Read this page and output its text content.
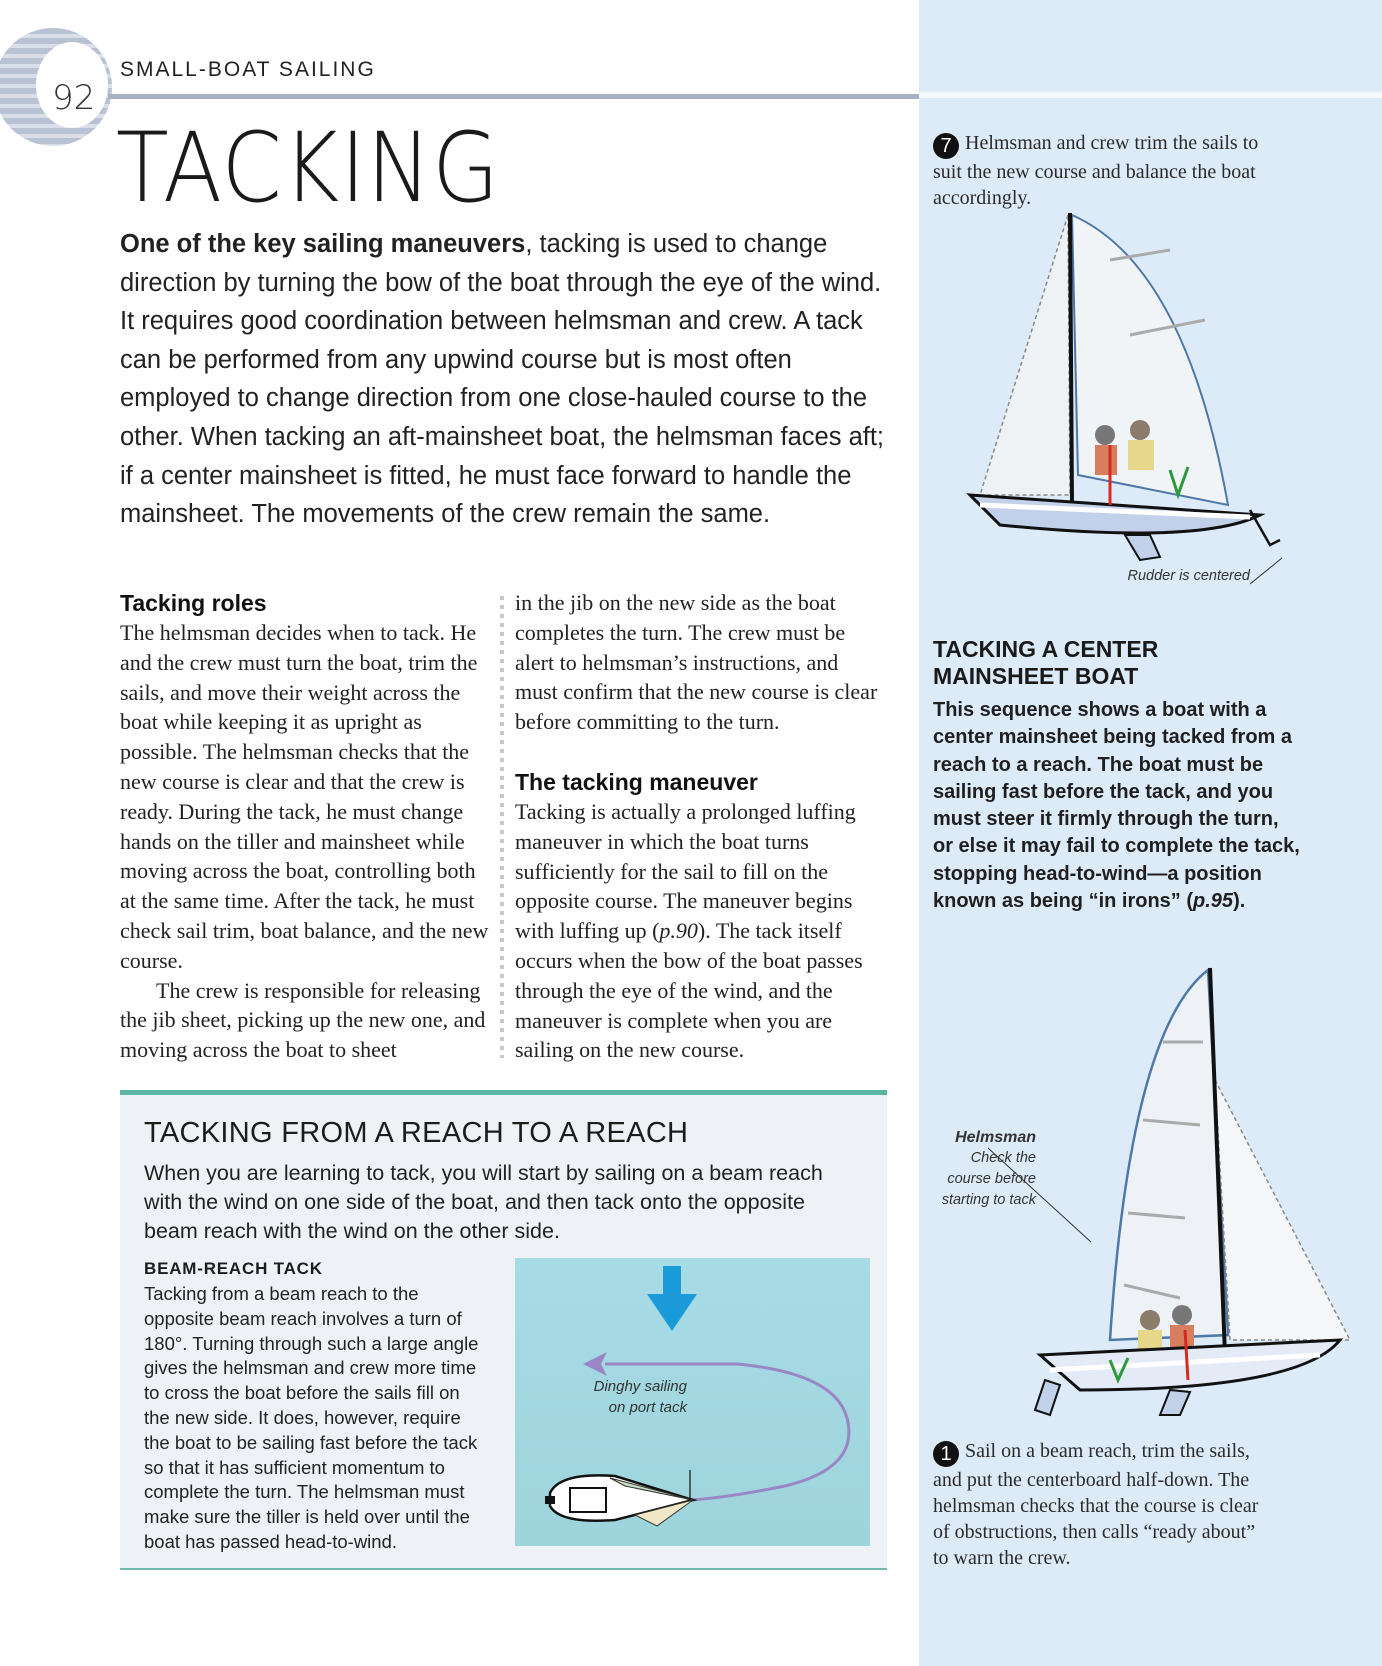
92
SMALL-BOAT SAILING
TACKING

One of the key sailing maneuvers, tacking is used to change direction by turning the bow of the boat through the eye of the wind. It requires good coordination between helmsman and crew. A tack can be performed from any upwind course but is most often employed to change direction from one close-hauled course to the other. When tacking an aft-mainsheet boat, the helmsman faces aft; if a center mainsheet is fitted, he must face forward to handle the mainsheet. The movements of the crew remain the same.

Tacking roles

The helmsman decides when to tack. He and the crew must turn the boat, trim the sails, and move their weight across the boat while keeping it as upright as possible. The helmsman checks that the new course is clear and that the crew is ready. During the tack, he must change hands on the tiller and mainsheet while moving across the boat, controlling both at the same time. After the tack, he must check sail trim, boat balance, and the new course.

The crew is responsible for releasing the jib sheet, picking up the new one, and moving across the boat to sheet

in the jib on the new side as the boat completes the turn. The crew must be alert to helmsman’s instructions, and must confirm that the new course is clear before committing to the turn.

The tacking maneuver

Tacking is actually a prolonged luffing maneuver in which the boat turns sufficiently for the sail to fill on the opposite course. The maneuver begins with luffing up (p.90). The tack itself occurs when the bow of the boat passes through the eye of the wind, and the maneuver is complete when you are sailing on the new course.

TACKING FROM A REACH TO A REACH

When you are learning to tack, you will start by sailing on a beam reach with the wind on one side of the boat, and then tack onto the opposite beam reach with the wind on the other side.

BEAM-REACH TACK

Tacking from a beam reach to the opposite beam reach involves a turn of 180°. Turning through such a large angle gives the helmsman and crew more time to cross the boat before the sails fill on the new side. It does, however, require the boat to be sailing fast before the tack so that it has sufficient momentum to complete the turn. The helmsman must make sure the tiller is held over until the boat has passed head-to-wind.

Dinghy sailing
on port tack

7 Helmsman and crew trim the sails to suit the new course and balance the boat accordingly.

Rudder is centered
TACKING A CENTER MAINSHEET BOAT

This sequence shows a boat with a center mainsheet being tacked from a reach to a reach. The boat must be sailing fast before the tack, and you must steer it firmly through the turn, or else it may fail to complete the tack, stopping head-to-wind—a position known as being “in irons” (p.95).

Helmsman
Check the
course before
starting to tack

1 Sail on a beam reach, trim the sails, and put the centerboard half-down. The helmsman checks that the course is clear of obstructions, then calls “ready about” to warn the crew.
